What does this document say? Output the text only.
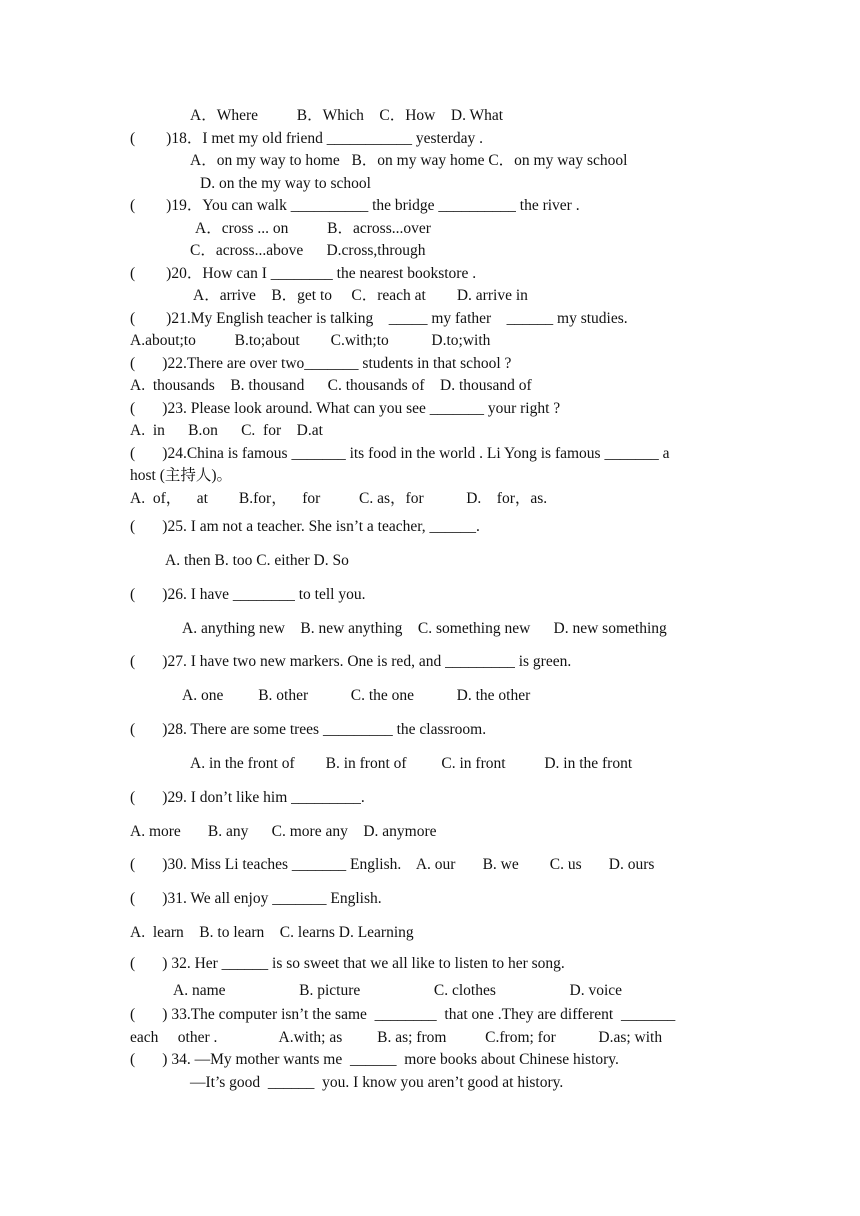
A．Where          B．Which    C．How    D. What
(        )18．I met my old friend ___________ yesterday .
A．on my way to home   B．on my way home C．on my way school
D. on the my way to school
(        )19．You can walk __________ the bridge __________ the river .
A．cross ... on          B．across...over
C．across...above      D.cross,through
(        )20．How can I ________ the nearest bookstore .
A．arrive    B．get to     C．reach at        D. arrive in
(        )21.My English teacher is talking    _____ my father    ______ my studies.
A.about;to          B.to;about        C.with;to           D.to;with
(       )22.There are over two_______ students in that school ?
A.  thousands    B. thousand      C. thousands of    D. thousand of
(       )23. Please look around. What can you see _______ your right ?
A.  in      B.on      C.  for    D.at
(       )24.China is famous _______ its food in the world . Li Yong is famous _______ a
host (主持人)。
A.  of，    at        B.for，    for          C. as，for           D.    for，as.
(       )25. I am not a teacher. She isn’t a teacher, ______.
A. then B. too C. either D. So
(       )26. I have ________ to tell you.
A. anything new    B. new anything    C. something new      D. new something
(       )27. I have two new markers. One is red, and _________ is green.
A. one         B. other           C. the one           D. the other
(       )28. There are some trees _________ the classroom.
A. in the front of        B. in front of         C. in front          D. in the front
(       )29. I don’t like him _________.
A. more       B. any      C. more any    D. anymore
(       )30. Miss Li teaches _______ English.    A. our       B. we        C. us       D. ours
(       )31. We all enjoy _______ English.
A.  learn    B. to learn    C. learns D. Learning
(       ) 32. Her ______ is so sweet that we all like to listen to her song.
A. name                   B. picture                   C. clothes                   D. voice
(       ) 33.The computer isn’t the same  ________  that one .They are different  _______
each     other .                A.with; as         B. as; from          C.from; for           D.as; with
(       ) 34. —My mother wants me  ______  more books about Chinese history.
—It’s good  ______  you. I know you aren’t good at history.
